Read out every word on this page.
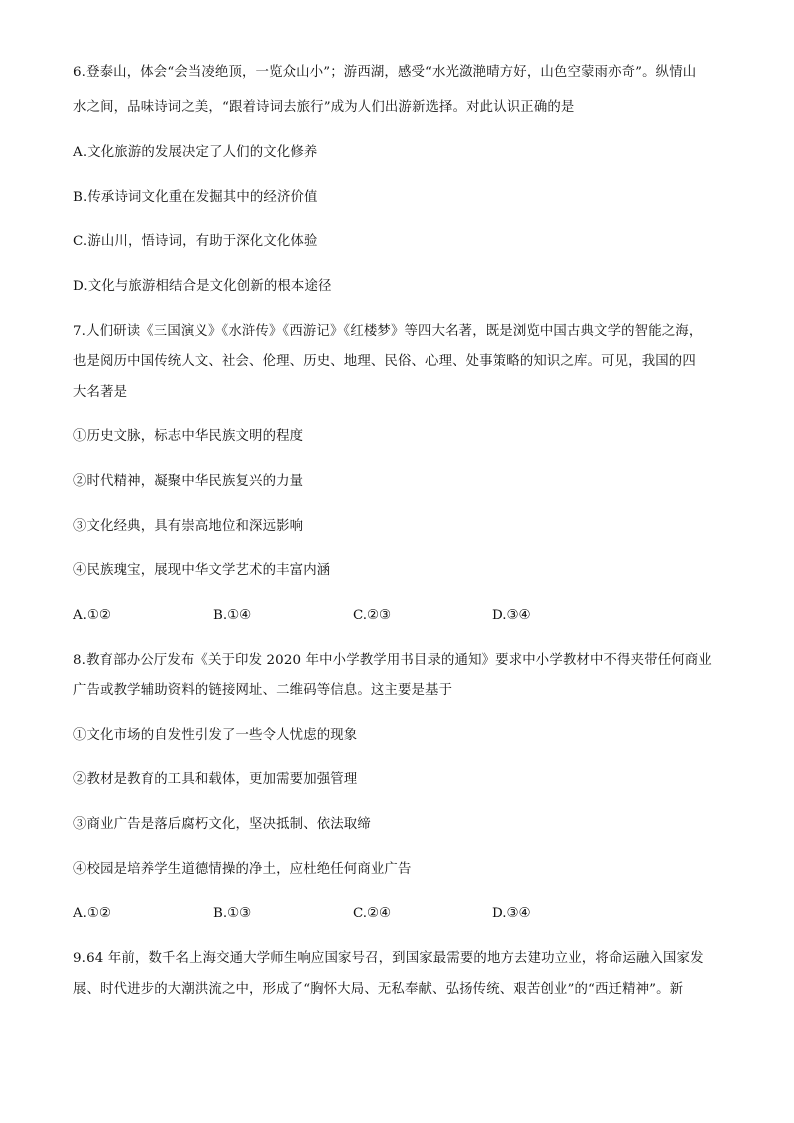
6.登泰山，体会“会当凌绝顶，一览众山小”；游西湖，感受“水光潋滟晴方好，山色空蒙雨亦奇”。纵情山
水之间，品味诗词之美，“跟着诗词去旅行”成为人们出游新选择。对此认识正确的是
A.文化旅游的发展决定了人们的文化修养
B.传承诗词文化重在发掘其中的经济价值
C.游山川，悟诗词，有助于深化文化体验
D.文化与旅游相结合是文化创新的根本途径
7.人们研读《三国演义》《水浒传》《西游记》《红楼梦》等四大名著，既是浏览中国古典文学的智能之海，
也是阅历中国传统人文、社会、伦理、历史、地理、民俗、心理、处事策略的知识之库。可见，我国的四
大名著是
①历史文脉，标志中华民族文明的程度
②时代精神，凝聚中华民族复兴的力量
③文化经典，具有崇高地位和深远影响
④民族瑰宝，展现中华文学艺术的丰富内涵
A.①②	B.①④	C.②③	D.③④
8.教育部办公厅发布《关于印发 2020 年中小学教学用书目录的通知》要求中小学教材中不得夹带任何商业
广告或教学辅助资料的链接网址、二维码等信息。这主要是基于
①文化市场的自发性引发了一些令人忧虑的现象
②教材是教育的工具和载体，更加需要加强管理
③商业广告是落后腐朽文化，坚决抵制、依法取缔
④校园是培养学生道德情操的净土，应杜绝任何商业广告
A.①②	B.①③	C.②④	D.③④
9.64 年前，数千名上海交通大学师生响应国家号召，到国家最需要的地方去建功立业，将命运融入国家发
展、时代进步的大潮洪流之中，形成了“胸怀大局、无私奉献、弘扬传统、艰苦创业”的“西迁精神”。新
